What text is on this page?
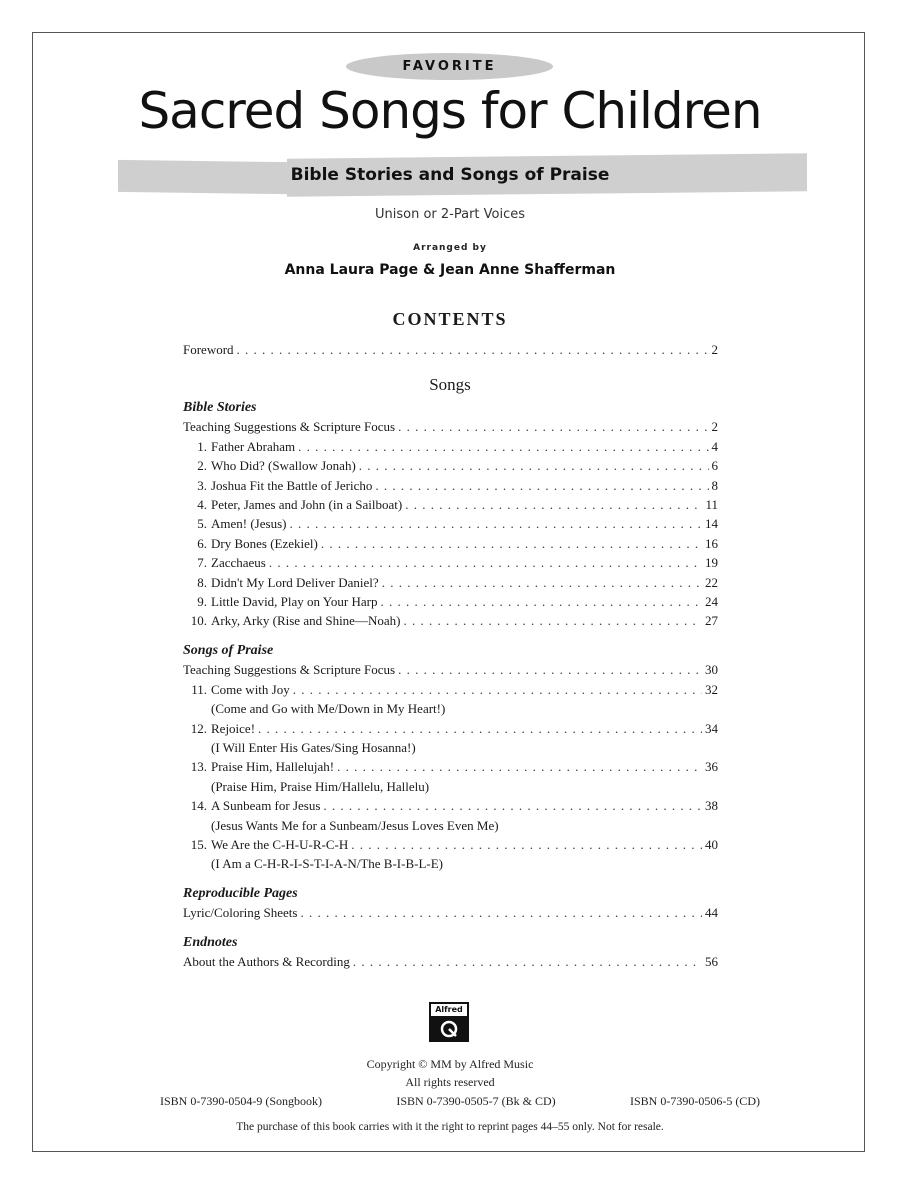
FAVORITE
Sacred Songs for Children
Bible Stories and Songs of Praise
Unison or 2-Part Voices
Arranged by
Anna Laura Page & Jean Anne Shafferman
CONTENTS
Foreword . . .	2
Songs
Bible Stories
Teaching Suggestions & Scripture Focus . . .	2
1. Father Abraham . . .	4
2. Who Did? (Swallow Jonah) . . .	6
3. Joshua Fit the Battle of Jericho . . .	8
4. Peter, James and John (in a Sailboat) . . .	11
5. Amen! (Jesus) . . .	14
6. Dry Bones (Ezekiel) . . .	16
7. Zacchaeus . . .	19
8. Didn't My Lord Deliver Daniel? . . .	22
9. Little David, Play on Your Harp . . .	24
10. Arky, Arky (Rise and Shine—Noah) . . .	27
Songs of Praise
Teaching Suggestions & Scripture Focus . . .	30
11. Come with Joy . . .	32
(Come and Go with Me/Down in My Heart!)
12. Rejoice! . . .	34
(I Will Enter His Gates/Sing Hosanna!)
13. Praise Him, Hallelujah! . . .	36
(Praise Him, Praise Him/Hallelu, Hallelu)
14. A Sunbeam for Jesus . . .	38
(Jesus Wants Me for a Sunbeam/Jesus Loves Even Me)
15. We Are the C-H-U-R-C-H . . .	40
(I Am a C-H-R-I-S-T-I-A-N/The B-I-B-L-E)
Reproducible Pages
Lyric/Coloring Sheets . . .	44
Endnotes
About the Authors & Recording . . .	56
Alfred
Copyright © MM by Alfred Music
All rights reserved
ISBN 0-7390-0504-9 (Songbook)	ISBN 0-7390-0505-7 (Bk & CD)	ISBN 0-7390-0506-5 (CD)
The purchase of this book carries with it the right to reprint pages 44–55 only. Not for resale.
